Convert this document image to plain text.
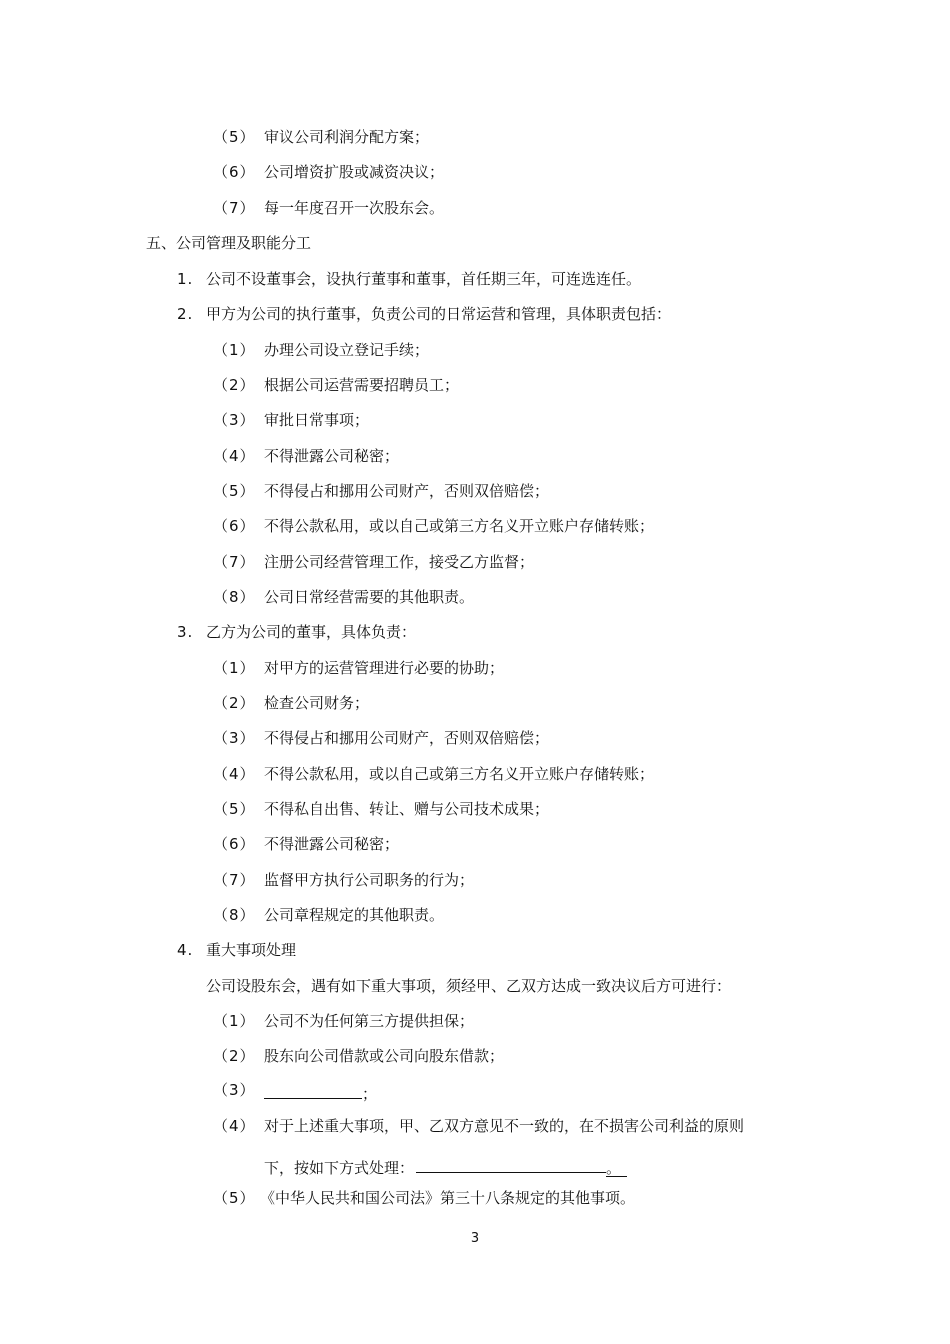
（5） 审议公司利润分配方案；
（6） 公司增资扩股或减资决议；
（7） 每一年度召开一次股东会。
五、公司管理及职能分工
1. 公司不设董事会，设执行董事和董事，首任期三年，可连选连任。
2. 甲方为公司的执行董事，负责公司的日常运营和管理，具体职责包括：
（1） 办理公司设立登记手续；
（2） 根据公司运营需要招聘员工；
（3） 审批日常事项；
（4） 不得泄露公司秘密；
（5） 不得侵占和挪用公司财产，否则双倍赔偿；
（6） 不得公款私用，或以自己或第三方名义开立账户存储转账；
（7） 注册公司经营管理工作，接受乙方监督；
（8） 公司日常经营需要的其他职责。
3. 乙方为公司的董事，具体负责：
（1） 对甲方的运营管理进行必要的协助；
（2） 检查公司财务；
（3） 不得侵占和挪用公司财产，否则双倍赔偿；
（4） 不得公款私用，或以自己或第三方名义开立账户存储转账；
（5） 不得私自出售、转让、赠与公司技术成果；
（6） 不得泄露公司秘密；
（7） 监督甲方执行公司职务的行为；
（8） 公司章程规定的其他职责。
4. 重大事项处理
公司设股东会，遇有如下重大事项，须经甲、乙双方达成一致决议后方可进行：
（1） 公司不为任何第三方提供担保；
（2） 股东向公司借款或公司向股东借款；
（3）	；
（4） 对于上述重大事项，甲、乙双方意见不一致的，在不损害公司利益的原则
下，按如下方式处理：	。
（5） 《中华人民共和国公司法》第三十八条规定的其他事项。
3
